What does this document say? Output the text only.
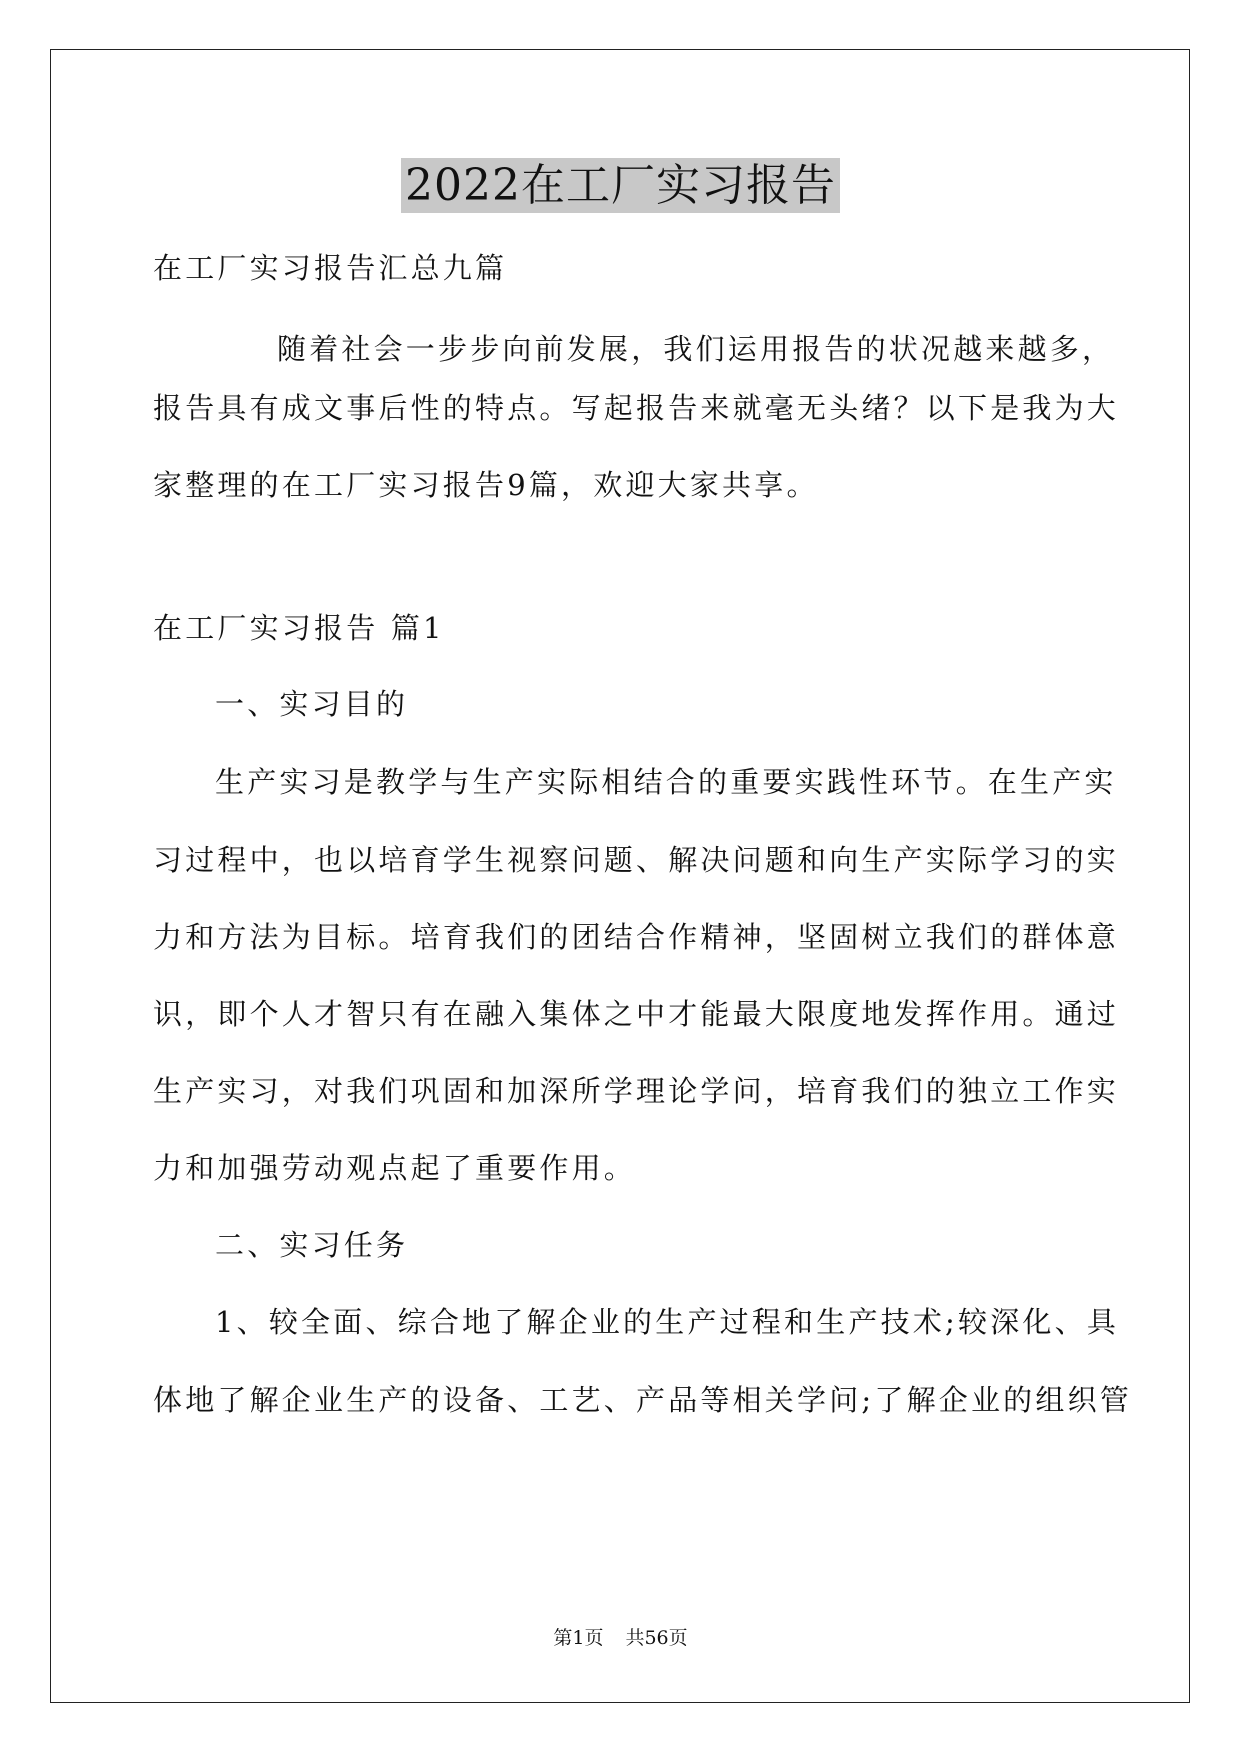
2022在工厂实习报告
在工厂实习报告汇总九篇
随着社会一步步向前发展，我们运用报告的状况越来越多，
报告具有成文事后性的特点。写起报告来就毫无头绪？以下是我为大
家整理的在工厂实习报告9篇，欢迎大家共享。
在工厂实习报告 篇1
一、实习目的
生产实习是教学与生产实际相结合的重要实践性环节。在生产实
习过程中，也以培育学生视察问题、解决问题和向生产实际学习的实
力和方法为目标。培育我们的团结合作精神，坚固树立我们的群体意
识，即个人才智只有在融入集体之中才能最大限度地发挥作用。通过
生产实习，对我们巩固和加深所学理论学问，培育我们的独立工作实
力和加强劳动观点起了重要作用。
二、实习任务
1、较全面、综合地了解企业的生产过程和生产技术;较深化、具
体地了解企业生产的设备、工艺、产品等相关学问;了解企业的组织管
第1页 共56页
